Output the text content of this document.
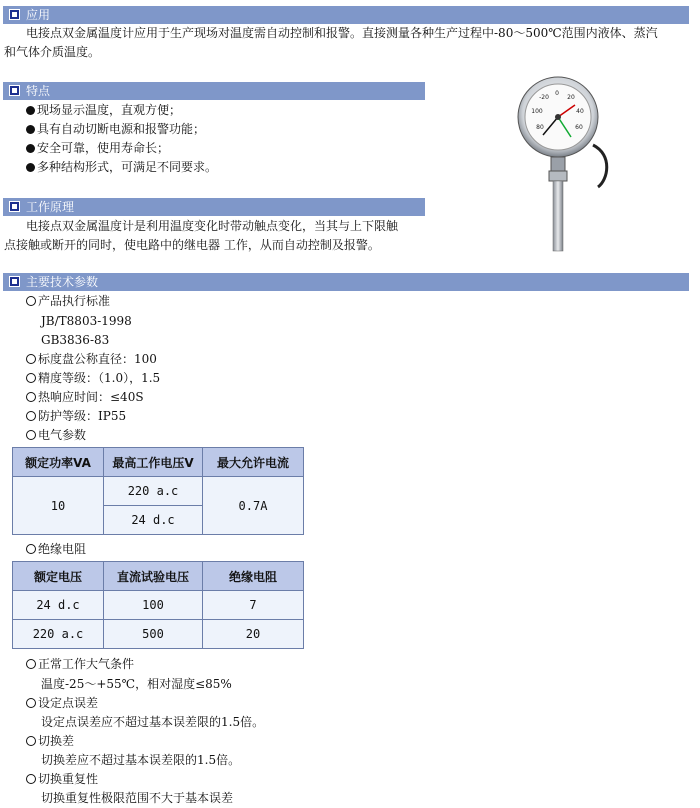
应用
电接点双金属温度计应用于生产现场对温度需自动控制和报警。直接测量各种生产过程中-80～500℃范围内液体、蒸汽
和气体介质温度。
特点
现场显示温度，直观方便；
具有自动切断电源和报警功能；
安全可靠，使用寿命长；
多种结构形式，可满足不同要求。
工作原理
电接点双金属温度计是利用温度变化时带动触点变化，当其与上下限触
点接触或断开的同时，使电路中的继电器 工作，从而自动控制及报警。
0
20
40
60
80
100
-20
主要技术参数
产品执行标准
JB/T8803-1998
GB3836-83
标度盘公称直径：100
精度等级：（1.0），1.5
热响应时间：≤40S
防护等级：IP55
电气参数
额定功率VA	最高工作电压V	最大允许电流
10	220 a.c	0.7A
	24 d.c	
绝缘电阻
额定电压	直流试验电压	绝缘电阻
24 d.c	100	7
220 a.c	500	20
正常工作大气条件
温度-25～+55℃，相对湿度≤85%
设定点误差
设定点误差应不超过基本误差限的1.5倍。
切换差
切换差应不超过基本误差限的1.5倍。
切换重复性
切换重复性极限范围不大于基本误差
